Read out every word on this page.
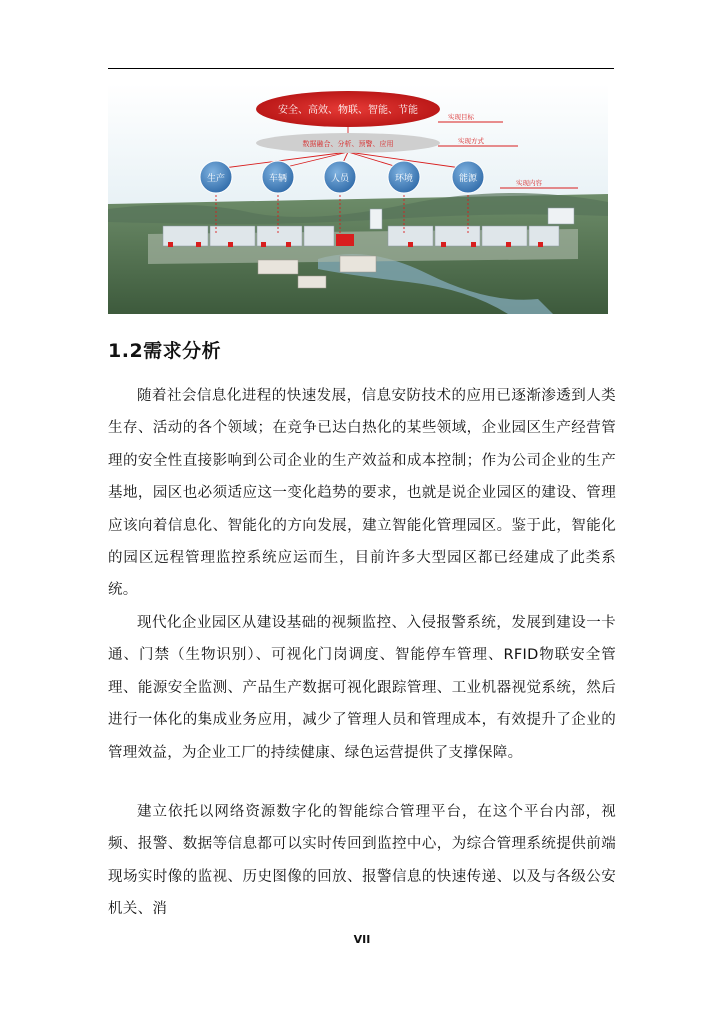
安全、高效、物联、智能、节能
数据融合、分析、预警、应用
生产	车辆	人员	环境	能源
实现目标
实现方式
实现内容
1.2需求分析

随着社会信息化进程的快速发展，信息安防技术的应用已逐渐渗透到人类生存、活动的各个领域；在竞争已达白热化的某些领域，企业园区生产经营管理的安全性直接影响到公司企业的生产效益和成本控制；作为公司企业的生产基地，园区也必须适应这一变化趋势的要求，也就是说企业园区的建设、管理应该向着信息化、智能化的方向发展，建立智能化管理园区。鉴于此，智能化的园区远程管理监控系统应运而生，目前许多大型园区都已经建成了此类系统。

现代化企业园区从建设基础的视频监控、入侵报警系统，发展到建设一卡通、门禁（生物识别）、可视化门岗调度、智能停车管理、RFID物联安全管理、能源安全监测、产品生产数据可视化跟踪管理、工业机器视觉系统，然后进行一体化的集成业务应用，减少了管理人员和管理成本，有效提升了企业的管理效益，为企业工厂的持续健康、绿色运营提供了支撑保障。

建立依托以网络资源数字化的智能综合管理平台，在这个平台内部，视频、报警、数据等信息都可以实时传回到监控中心，为综合管理系统提供前端现场实时像的监视、历史图像的回放、报警信息的快速传递、以及与各级公安机关、消

VII
